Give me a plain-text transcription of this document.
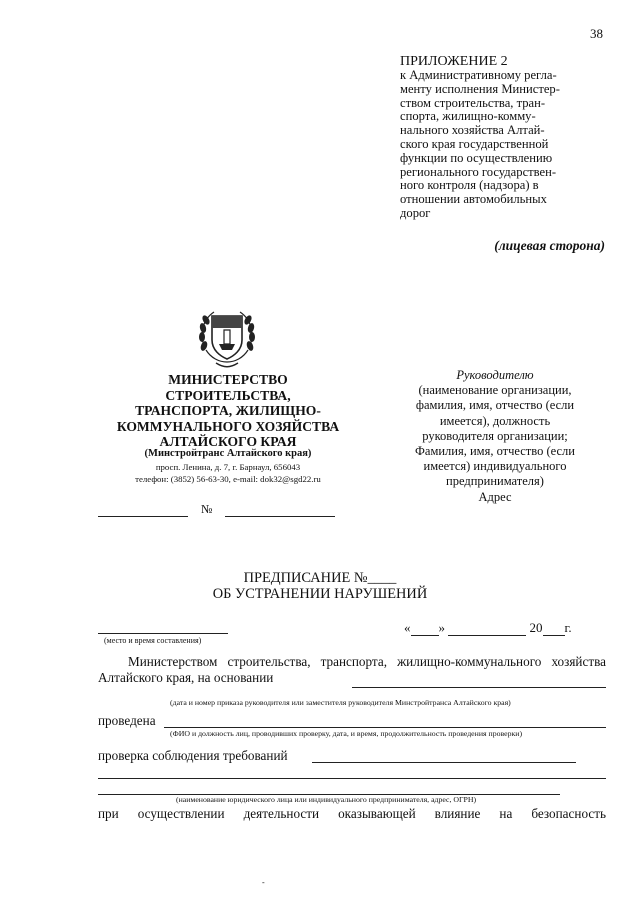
38
ПРИЛОЖЕНИЕ 2
к Административному регла-
менту исполнения Министер-
ством строительства, тран-
спорта, жилищно-комму-
нального хозяйства Алтай-
ского края государственной
функции по осуществлению
регионального государствен-
ного контроля (надзора) в
отношении автомобильных
дорог
(лицевая сторона)
МИНИСТЕРСТВО
СТРОИТЕЛЬСТВА,
ТРАНСПОРТА, ЖИЛИЩНО-
КОММУНАЛЬНОГО ХОЗЯЙСТВА
АЛТАЙСКОГО КРАЯ
(Минстройтранс Алтайского края)
просп. Ленина, д. 7, г. Барнаул, 656043
телефон: (3852) 56-63-30, e-mail: dok32@sgd22.ru
№
Руководителю
(наименование организации,
фамилия, имя, отчество (если
имеется), должность
руководителя организации;
Фамилия, имя, отчество (если
имеется) индивидуального
предпринимателя)
Адрес
ПРЕДПИСАНИЕ №____
ОБ УСТРАНЕНИИ НАРУШЕНИЙ
(место и время составления)
« »	20 г.
Министерством строительства, транспорта, жилищно-коммунального хозяйства Алтайского края, на основании
(дата и номер приказа руководителя или заместителя руководителя Минстройтранса Алтайского края)
проведена
(ФИО и должность лиц, проводивших проверку, дата, и время, продолжительность проведения проверки)
проверка соблюдения требований
(наименование юридического лица или индивидуального предпринимателя, адрес, ОГРН)
при осуществлении деятельности оказывающей влияние на безопасность
-
